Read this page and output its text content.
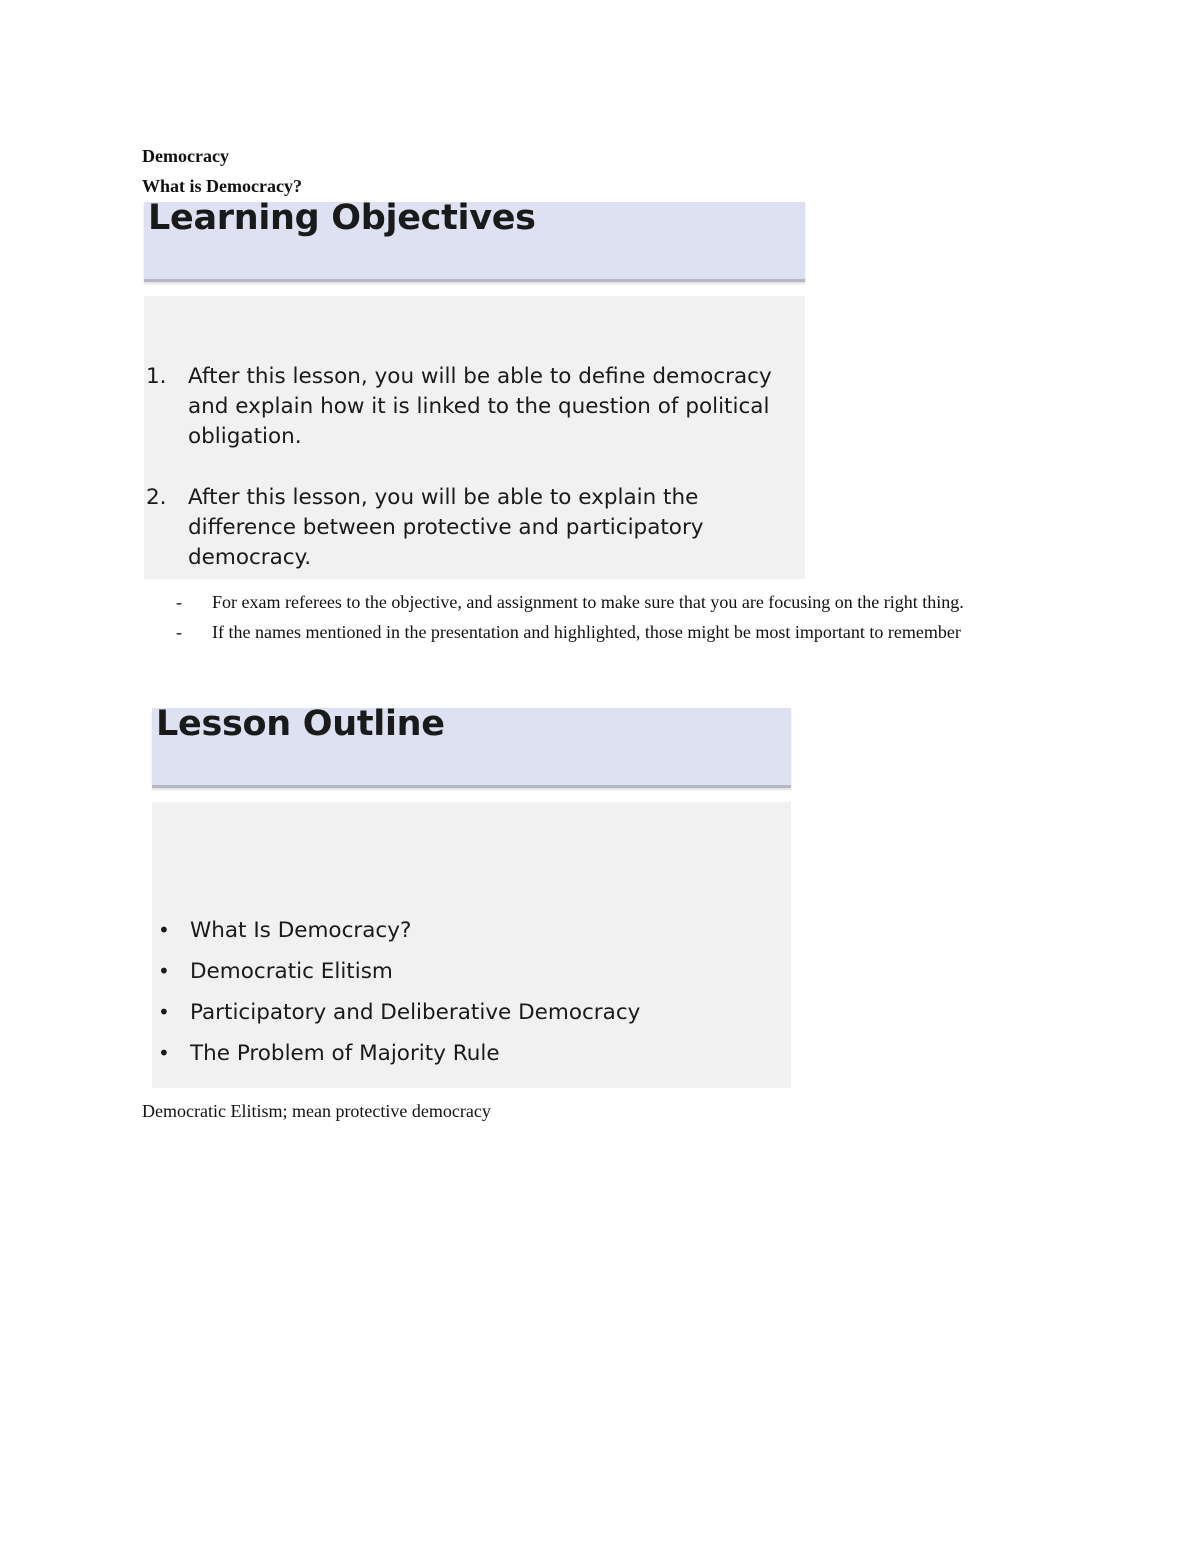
Democracy
What is Democracy?
Learning Objectives
1. After this lesson, you will be able to define democracy and explain how it is linked to the question of political obligation.
2. After this lesson, you will be able to explain the difference between protective and participatory democracy.
- For exam referees to the objective, and assignment to make sure that you are focusing on the right thing.
- If the names mentioned in the presentation and highlighted, those might be most important to remember
Lesson Outline
• What Is Democracy?
• Democratic Elitism
• Participatory and Deliberative Democracy
• The Problem of Majority Rule

Democratic Elitism; mean protective democracy
